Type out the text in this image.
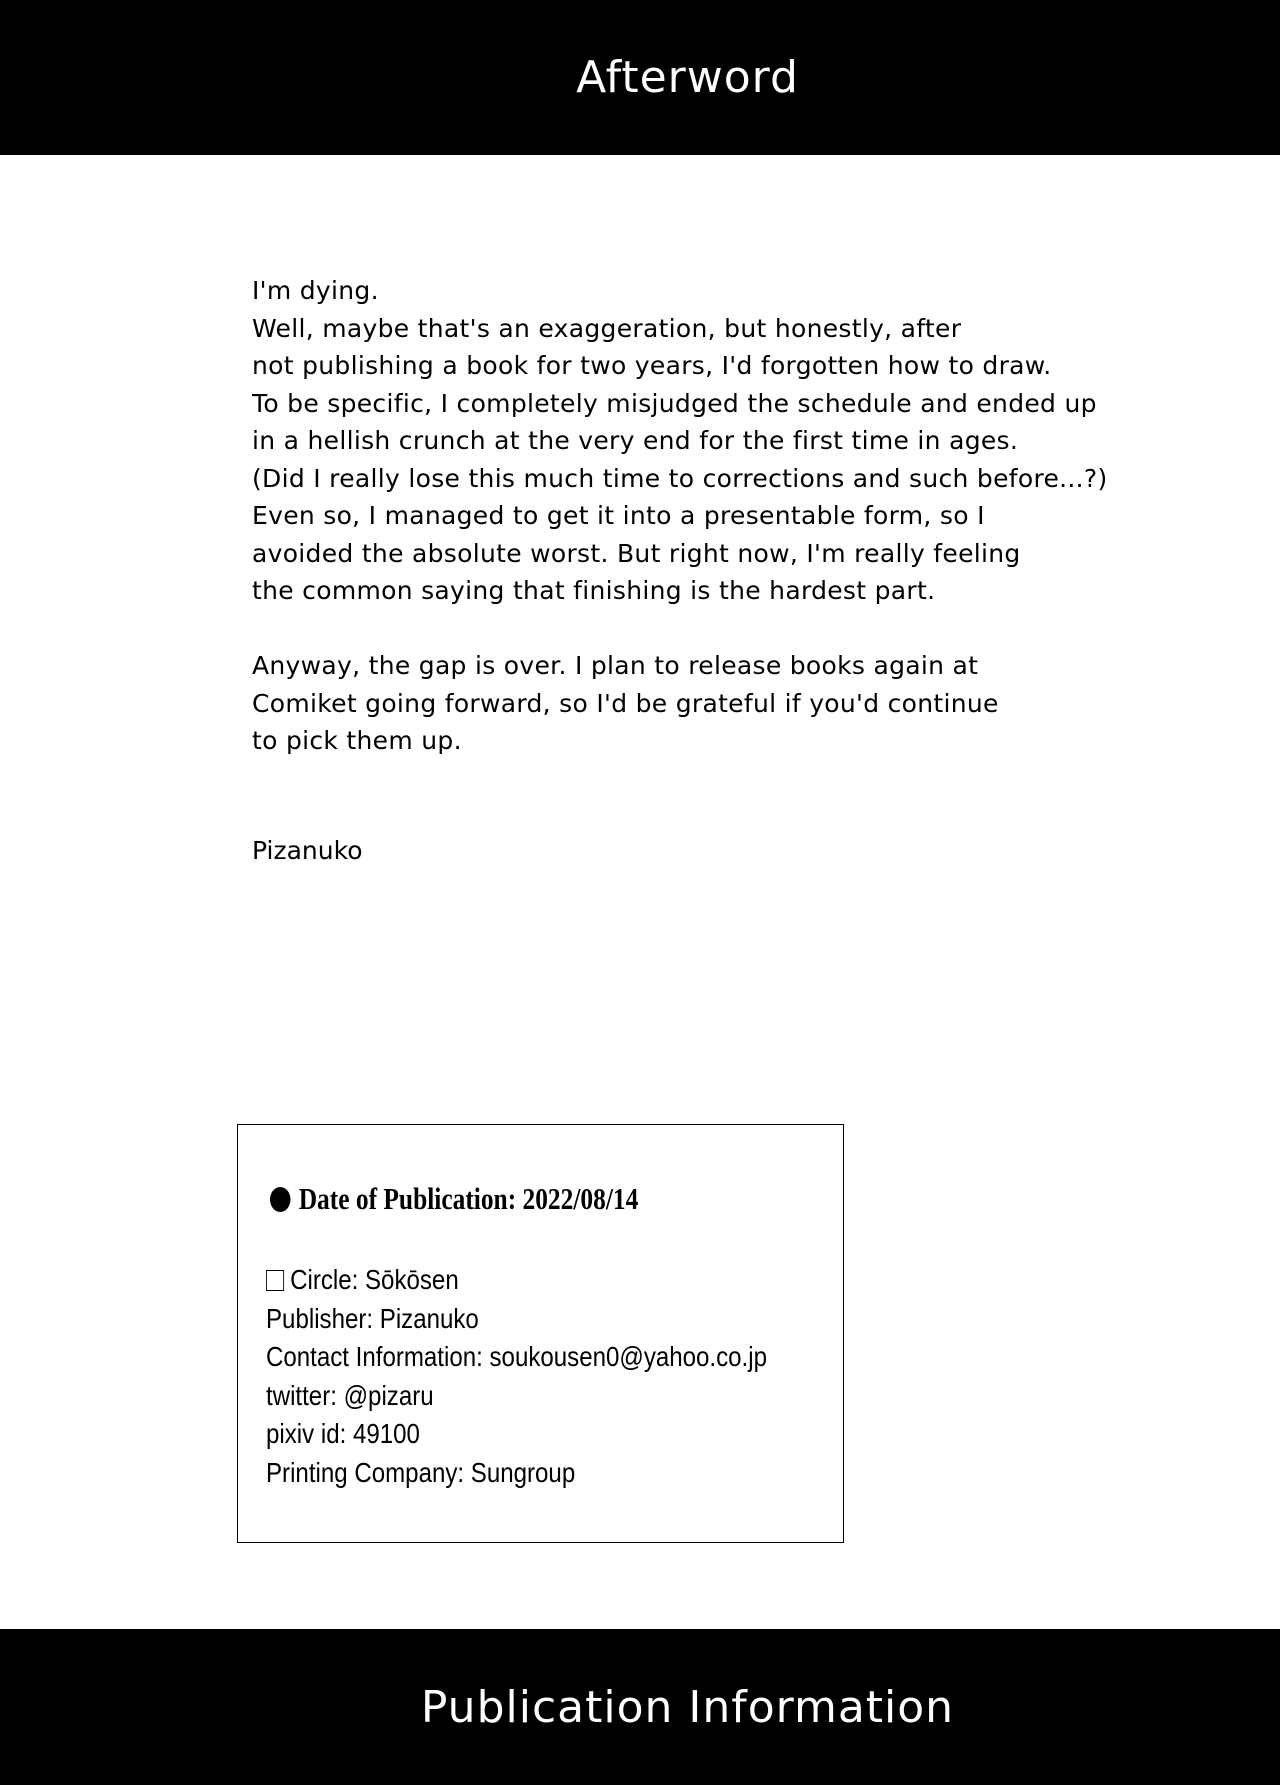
Afterword
I'm dying.
Well, maybe that's an exaggeration, but honestly, after
not publishing a book for two years, I'd forgotten how to draw.
To be specific, I completely misjudged the schedule and ended up
in a hellish crunch at the very end for the first time in ages.
(Did I really lose this much time to corrections and such before...?)
Even so, I managed to get it into a presentable form, so I
avoided the absolute worst. But right now, I'm really feeling
the common saying that finishing is the hardest part.
Anyway, the gap is over. I plan to release books again at
Comiket going forward, so I'd be grateful if you'd continue
to pick them up.
Pizanuko
Date of Publication: 2022/08/14
Circle: Sōkōsen
Publisher: Pizanuko
Contact Information: soukousen0@yahoo.co.jp
twitter: @pizaru
pixiv id: 49100
Printing Company: Sungroup
Publication Information
